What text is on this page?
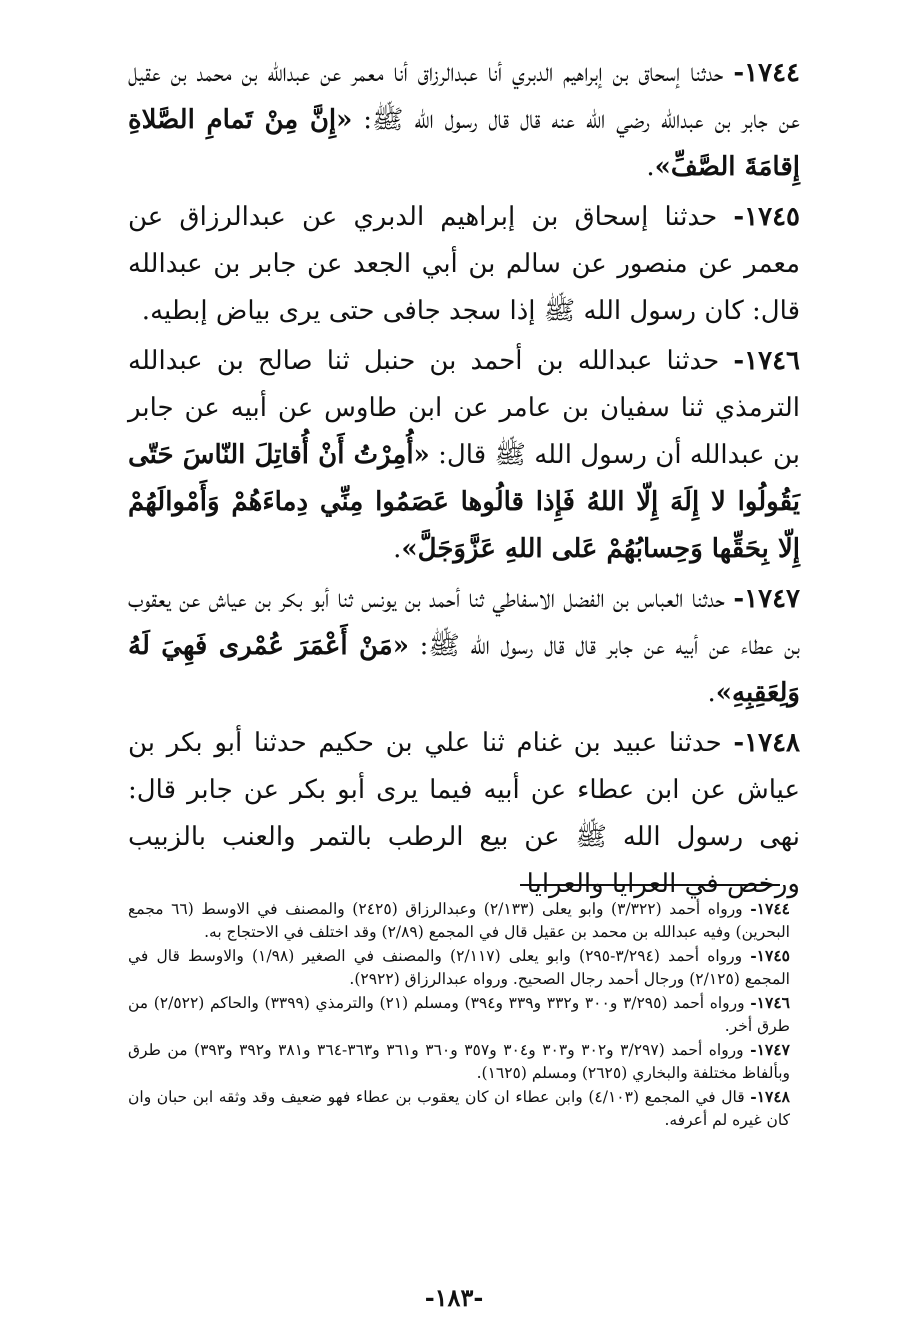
١٧٤٤- حدثنا إسحاق بن إبراهيم الدبري أنا عبدالرزاق أنا معمر عن عبدالله بن محمد بن عقيل عن جابر بن عبدالله رضي الله عنه قال قال رسول الله ﷺ: «إِنَّ مِنْ تَمامِ الصَّلاةِ إِقامَةَ الصَّفِّ».

١٧٤٥- حدثنا إسحاق بن إبراهيم الدبري عن عبدالرزاق عن معمر عن منصور عن سالم بن أبي الجعد عن جابر بن عبدالله قال: كان رسول الله ﷺ إذا سجد جافى حتى يرى بياض إبطيه.

١٧٤٦- حدثنا عبدالله بن أحمد بن حنبل ثنا صالح بن عبدالله الترمذي ثنا سفيان بن عامر عن ابن طاوس عن أبيه عن جابر بن عبدالله أن رسول الله ﷺ قال: «أُمِرْتُ أَنْ أُقاتِلَ النّاسَ حَتّى يَقُولُوا لا إِلَهَ إِلّا اللهُ فَإِذا قالُوها عَصَمُوا مِنِّي دِماءَهُمْ وَأَمْوالَهُمْ إِلّا بِحَقِّها وَحِسابُهُمْ عَلى اللهِ عَزَّوَجَلَّ».

١٧٤٧- حدثنا العباس بن الفضل الاسفاطي ثنا أحمد بن يونس ثنا أبو بكر بن عياش عن يعقوب بن عطاء عن أبيه عن جابر قال قال رسول الله ﷺ: «مَنْ أَعْمَرَ عُمْرى فَهِيَ لَهُ وَلِعَقِبِهِ».

١٧٤٨- حدثنا عبيد بن غنام ثنا علي بن حكيم حدثنا أبو بكر بن عياش عن ابن عطاء عن أبيه فيما يرى أبو بكر عن جابر قال: نهى رسول الله ﷺ عن بيع الرطب بالتمر والعنب بالزبيب ورخص في العرايا والعرايا

١٧٤٤- ورواه أحمد (٣/٣٢٢) وابو يعلى (٢/١٣٣) وعبدالرزاق (٢٤٢٥) والمصنف في الاوسط (٦٦ مجمع البحرين) وفيه عبدالله بن محمد بن عقيل قال في المجمع (٢/٨٩) وقد اختلف في الاحتجاج به.

١٧٤٥- ورواه أحمد (٣/٢٩٤-٢٩٥) وابو يعلى (٢/١١٧) والمصنف في الصغير (١/٩٨) والاوسط قال في المجمع (٢/١٢٥) ورجال أحمد رجال الصحيح. ورواه عبدالرزاق (٢٩٢٢).

١٧٤٦- ورواه أحمد (٣/٢٩٥ و٣٠٠ و٣٣٢ و٣٣٩ و٣٩٤) ومسلم (٢١) والترمذي (٣٣٩٩) والحاكم (٢/٥٢٢) من طرق أخر.

١٧٤٧- ورواه أحمد (٣/٢٩٧ و٣٠٢ و٣٠٣ و٣٠٤ و٣٥٧ و٣٦٠ و٣٦١ و٣٦٣-٣٦٤ و٣٨١ و٣٩٢ و٣٩٣) من طرق وبألفاظ مختلفة والبخاري (٢٦٢٥) ومسلم (١٦٢٥).

١٧٤٨- قال في المجمع (٤/١٠٣) وابن عطاء ان كان يعقوب بن عطاء فهو ضعيف وقد وثقه ابن حبان وان كان غيره لم أعرفه.

-١٨٣-
